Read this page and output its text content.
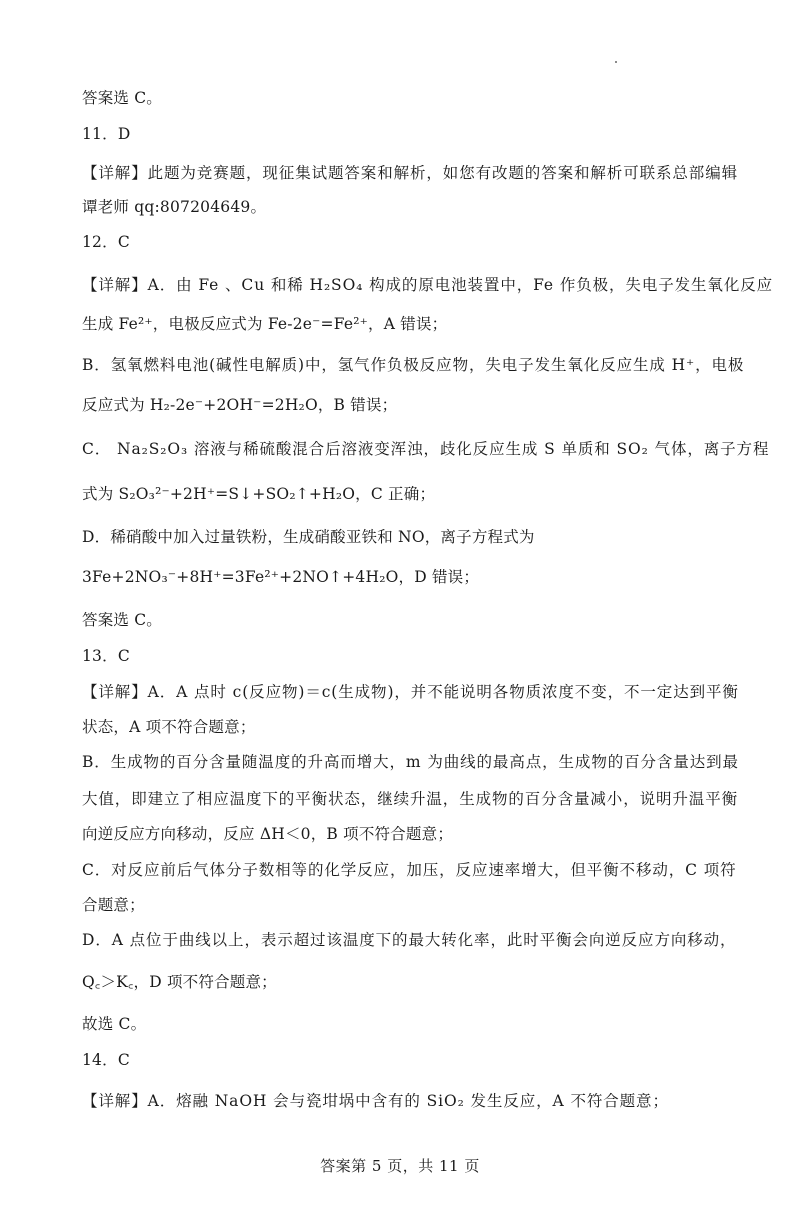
答案选 C。
11．D
【详解】此题为竞赛题，现征集试题答案和解析，如您有改题的答案和解析可联系总部编辑
谭老师 qq:807204649。
12．C
【详解】A．由 Fe 、Cu 和稀 H₂SO₄ 构成的原电池装置中，Fe 作负极，失电子发生氧化反应
生成 Fe²⁺，电极反应式为 Fe-2e⁻=Fe²⁺，A 错误；
B．氢氧燃料电池(碱性电解质)中，氢气作负极反应物，失电子发生氧化反应生成 H⁺，电极
反应式为 H₂-2e⁻+2OH⁻=2H₂O，B 错误；
C． Na₂S₂O₃ 溶液与稀硫酸混合后溶液变浑浊，歧化反应生成 S 单质和 SO₂ 气体，离子方程
式为 S₂O₃²⁻+2H⁺=S↓+SO₂↑+H₂O，C 正确；
D．稀硝酸中加入过量铁粉，生成硝酸亚铁和 NO，离子方程式为
3Fe+2NO₃⁻+8H⁺=3Fe²⁺+2NO↑+4H₂O，D 错误；
答案选 C。
13．C
【详解】A．A 点时 c(反应物)＝c(生成物)，并不能说明各物质浓度不变，不一定达到平衡
状态，A 项不符合题意；
B．生成物的百分含量随温度的升高而增大，m 为曲线的最高点，生成物的百分含量达到最
大值，即建立了相应温度下的平衡状态，继续升温，生成物的百分含量减小，说明升温平衡
向逆反应方向移动，反应 ΔH＜0，B 项不符合题意；
C．对反应前后气体分子数相等的化学反应，加压，反应速率增大，但平衡不移动，C 项符
合题意；
D．A 点位于曲线以上，表示超过该温度下的最大转化率，此时平衡会向逆反应方向移动，
Q꜀＞K꜀，D 项不符合题意；
故选 C。
14．C
【详解】A．熔融 NaOH 会与瓷坩埚中含有的 SiO₂ 发生反应，A 不符合题意；
答案第 5 页，共 11 页
